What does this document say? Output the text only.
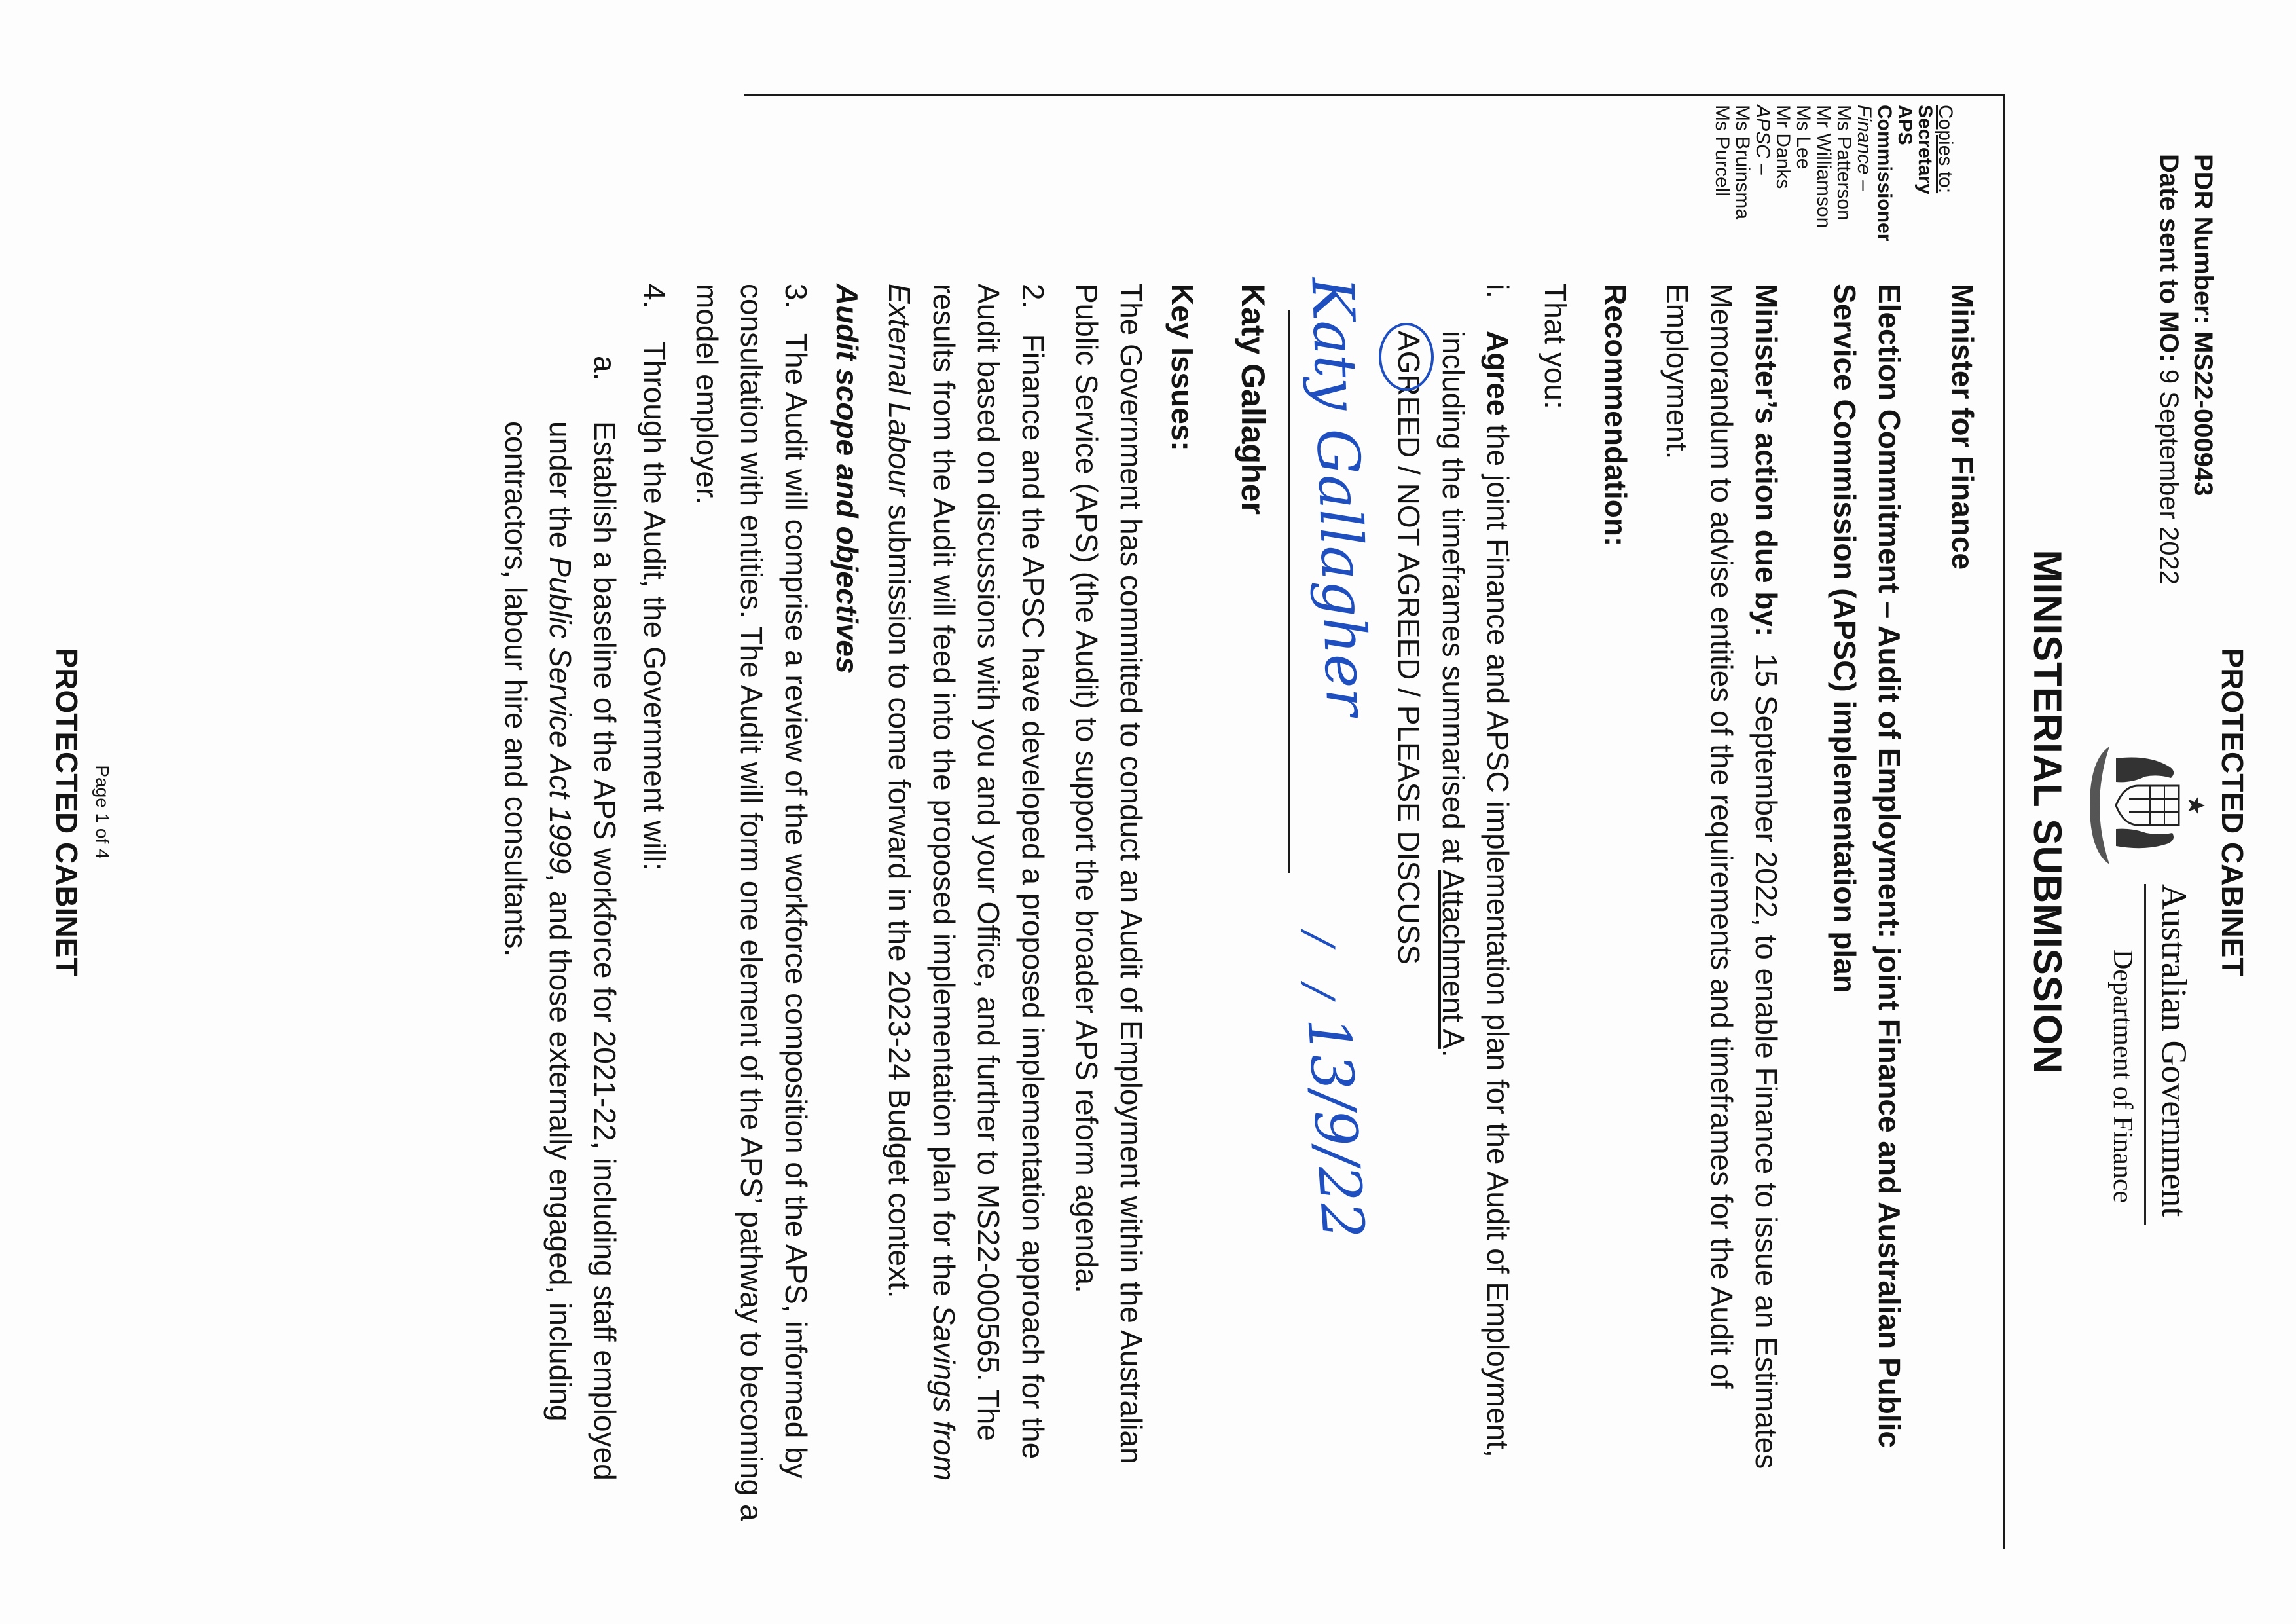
PROTECTED CABINET
Australian Government
Department of Finance
MINISTERIAL SUBMISSION
PDR Number: MS22-000943
Date sent to MO: 9 September 2022
Copies to:
Secretary
APS
Commissioner
Finance –
Ms Patterson
Mr Williamson
Ms Lee
Mr Danks
APSC –
Ms Bruinsma
Ms Purcell

Minister for Finance

Election Commitment – Audit of Employment: joint Finance and Australian Public Service Commission (APSC) implementation plan

Minister’s action due by:  15 September 2022, to enable Finance to issue an Estimates Memorandum to advise entities of the requirements and timeframes for the Audit of Employment.

Recommendation:

That you:

i.

Agree the joint Finance and APSC implementation plan for the Audit of Employment, including the timeframes summarised at Attachment A.

AGREED / NOT AGREED / PLEASE DISCUSS

Katy Gallagher
/
/
13/9/22
Katy Gallagher

Key Issues:

The Government has committed to conduct an Audit of Employment within the Australian Public Service (APS) (the Audit) to support the broader APS reform agenda.

2.   Finance and the APSC have developed a proposed implementation approach for the Audit based on discussions with you and your Office, and further to MS22-000565. The results from the Audit will feed into the proposed implementation plan for the Savings from External Labour submission to come forward in the 2023-24 Budget context.

Audit scope and objectives

3.   The Audit will comprise a review of the workforce composition of the APS, informed by consultation with entities. The Audit will form one element of the APS’ pathway to becoming a model employer.

4.    Through the Audit, the Government will:

a.

Establish a baseline of the APS workforce for 2021-22, including staff employed under the Public Service Act 1999, and those externally engaged, including contractors, labour hire and consultants.

Page 1 of 4
PROTECTED CABINET
